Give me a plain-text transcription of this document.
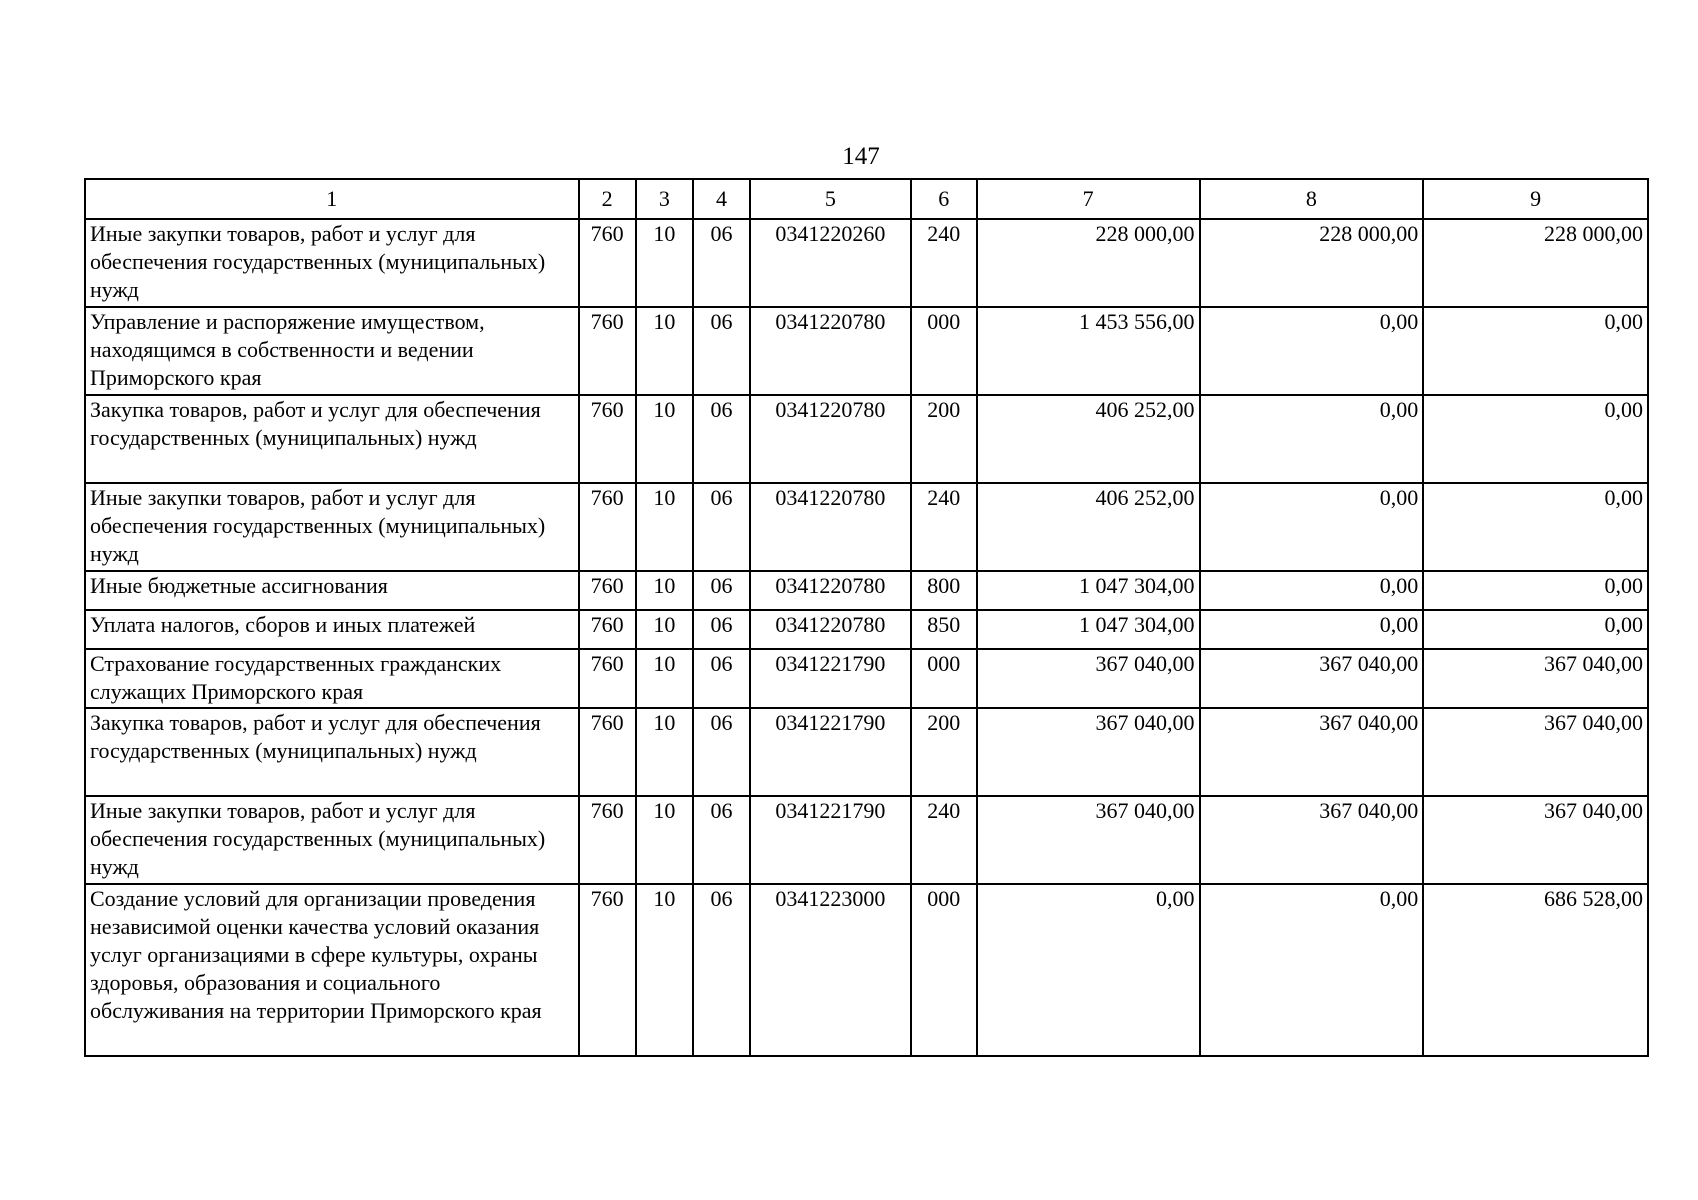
147
1	2	3	4	5	6	7	8	9
Иные закупки товаров, работ и услуг для обеспечения государственных (муниципальных) нужд	760	10	06	0341220260	240	228 000,00	228 000,00	228 000,00
Управление и распоряжение имуществом, находящимся в собственности и ведении Приморского края	760	10	06	0341220780	000	1 453 556,00	0,00	0,00
Закупка товаров, работ и услуг для обеспечения государственных (муниципальных) нужд	760	10	06	0341220780	200	406 252,00	0,00	0,00
Иные закупки товаров, работ и услуг для обеспечения государственных (муниципальных) нужд	760	10	06	0341220780	240	406 252,00	0,00	0,00
Иные бюджетные ассигнования	760	10	06	0341220780	800	1 047 304,00	0,00	0,00
Уплата налогов, сборов и иных платежей	760	10	06	0341220780	850	1 047 304,00	0,00	0,00
Страхование государственных гражданских служащих Приморского края	760	10	06	0341221790	000	367 040,00	367 040,00	367 040,00
Закупка товаров, работ и услуг для обеспечения государственных (муниципальных) нужд	760	10	06	0341221790	200	367 040,00	367 040,00	367 040,00
Иные закупки товаров, работ и услуг для обеспечения государственных (муниципальных) нужд	760	10	06	0341221790	240	367 040,00	367 040,00	367 040,00
Создание условий для организации проведения независимой оценки качества условий оказания услуг организациями в сфере культуры, охраны здоровья, образования и социального обслуживания на территории Приморского края	760	10	06	0341223000	000	0,00	0,00	686 528,00
